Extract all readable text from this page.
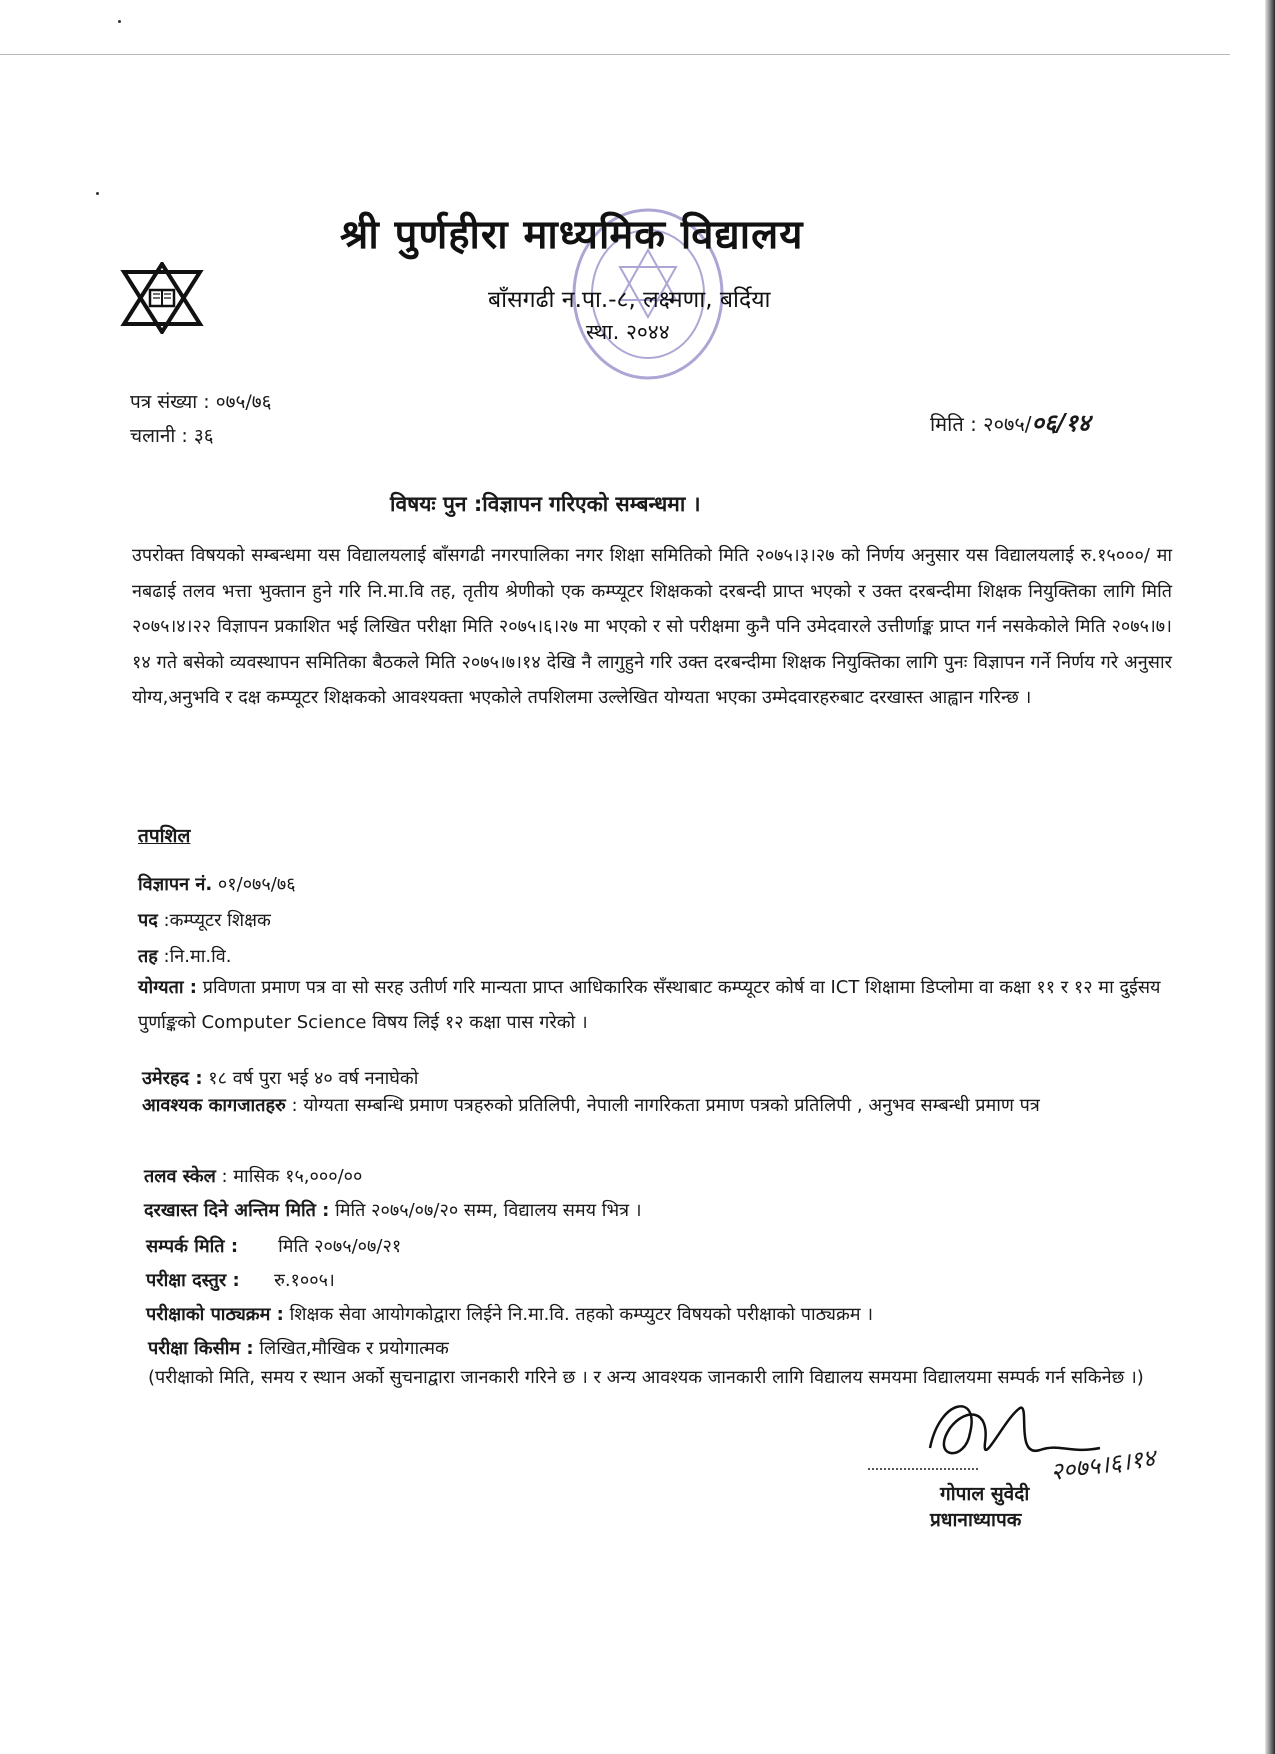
श्री पुर्णहीरा माध्यमिक विद्यालय
बाँसगढी न.पा.-८, लक्ष्मणा, बर्दिया
स्था. २०४४
पत्र संख्या : ०७५/७६
चलानी : ३६	मिति : २०७५/०६/१४
विषयः पुन :विज्ञापन गरिएको सम्बन्धमा ।
उपरोक्त विषयको सम्बन्धमा यस विद्यालयलाई बाँसगढी नगरपालिका नगर शिक्षा समितिको मिति २०७५।३।२७ को निर्णय अनुसार यस विद्यालयलाई रु.१५०००/ मा नबढाई तलव भत्ता भुक्तान हुने गरि नि.मा.वि तह, तृतीय श्रेणीको एक कम्प्यूटर शिक्षकको दरबन्दी प्राप्त भएको र उक्त दरबन्दीमा शिक्षक नियुक्तिका लागि मिति २०७५।४।२२ विज्ञापन प्रकाशित भई लिखित परीक्षा मिति २०७५।६।२७ मा भएको र सो परीक्षमा कुनै पनि उमेदवारले उत्तीर्णाङ्क प्राप्त गर्न नसकेकोले मिति २०७५।७।१४ गते बसेको व्यवस्थापन समितिका बैठकले मिति २०७५।७।१४ देखि नै लागुहुने गरि उक्त दरबन्दीमा शिक्षक नियुक्तिका लागि पुनः विज्ञापन गर्ने निर्णय गरे अनुसार योग्य,अनुभवि र दक्ष कम्प्यूटर शिक्षकको आवश्यक्ता भएकोले तपशिलमा उल्लेखित योग्यता भएका उम्मेदवारहरुबाट दरखास्त आह्वान गरिन्छ ।
तपशिल
विज्ञापन नं. ०१/०७५/७६
पद :कम्प्यूटर शिक्षक
तह :नि.मा.वि.
योग्यता : प्रविणता प्रमाण पत्र वा सो सरह उतीर्ण गरि मान्यता प्राप्त आधिकारिक सँस्थाबाट कम्प्यूटर कोर्ष वा ICT शिक्षामा डिप्लोमा वा कक्षा ११ र १२ मा दुईसय पुर्णाङ्कको Computer Science विषय लिई १२ कक्षा पास गरेको ।
उमेरहद : १८ वर्ष पुरा भई ४० वर्ष ननाघेको
आवश्यक कागजातहरु : योग्यता सम्बन्धि प्रमाण पत्रहरुको प्रतिलिपी, नेपाली नागरिकता प्रमाण पत्रको प्रतिलिपी , अनुभव सम्बन्धी प्रमाण पत्र
तलव स्केल : मासिक १५,०००/००
दरखास्त दिने अन्तिम मिति : मिति २०७५/०७/२० सम्म, विद्यालय समय भित्र ।
सम्पर्क मिति :       मिति २०७५/०७/२१
परीक्षा दस्तुर :      रु.१००५।
परीक्षाको पाठ्यक्रम : शिक्षक सेवा आयोगकोद्वारा लिईने नि.मा.वि. तहको कम्प्युटर विषयको परीक्षाको पाठ्यक्रम ।
परीक्षा किसीम : लिखित,मौखिक र प्रयोगात्मक
(परीक्षाको मिति, समय र स्थान अर्को सुचनाद्वारा जानकारी गरिने छ । र अन्य आवश्यक जानकारी लागि विद्यालय समयमा विद्यालयमा सम्पर्क गर्न सकिनेछ ।)
२०७५।६।१४
गोपाल सुवेदी
प्रधानाध्यापक
